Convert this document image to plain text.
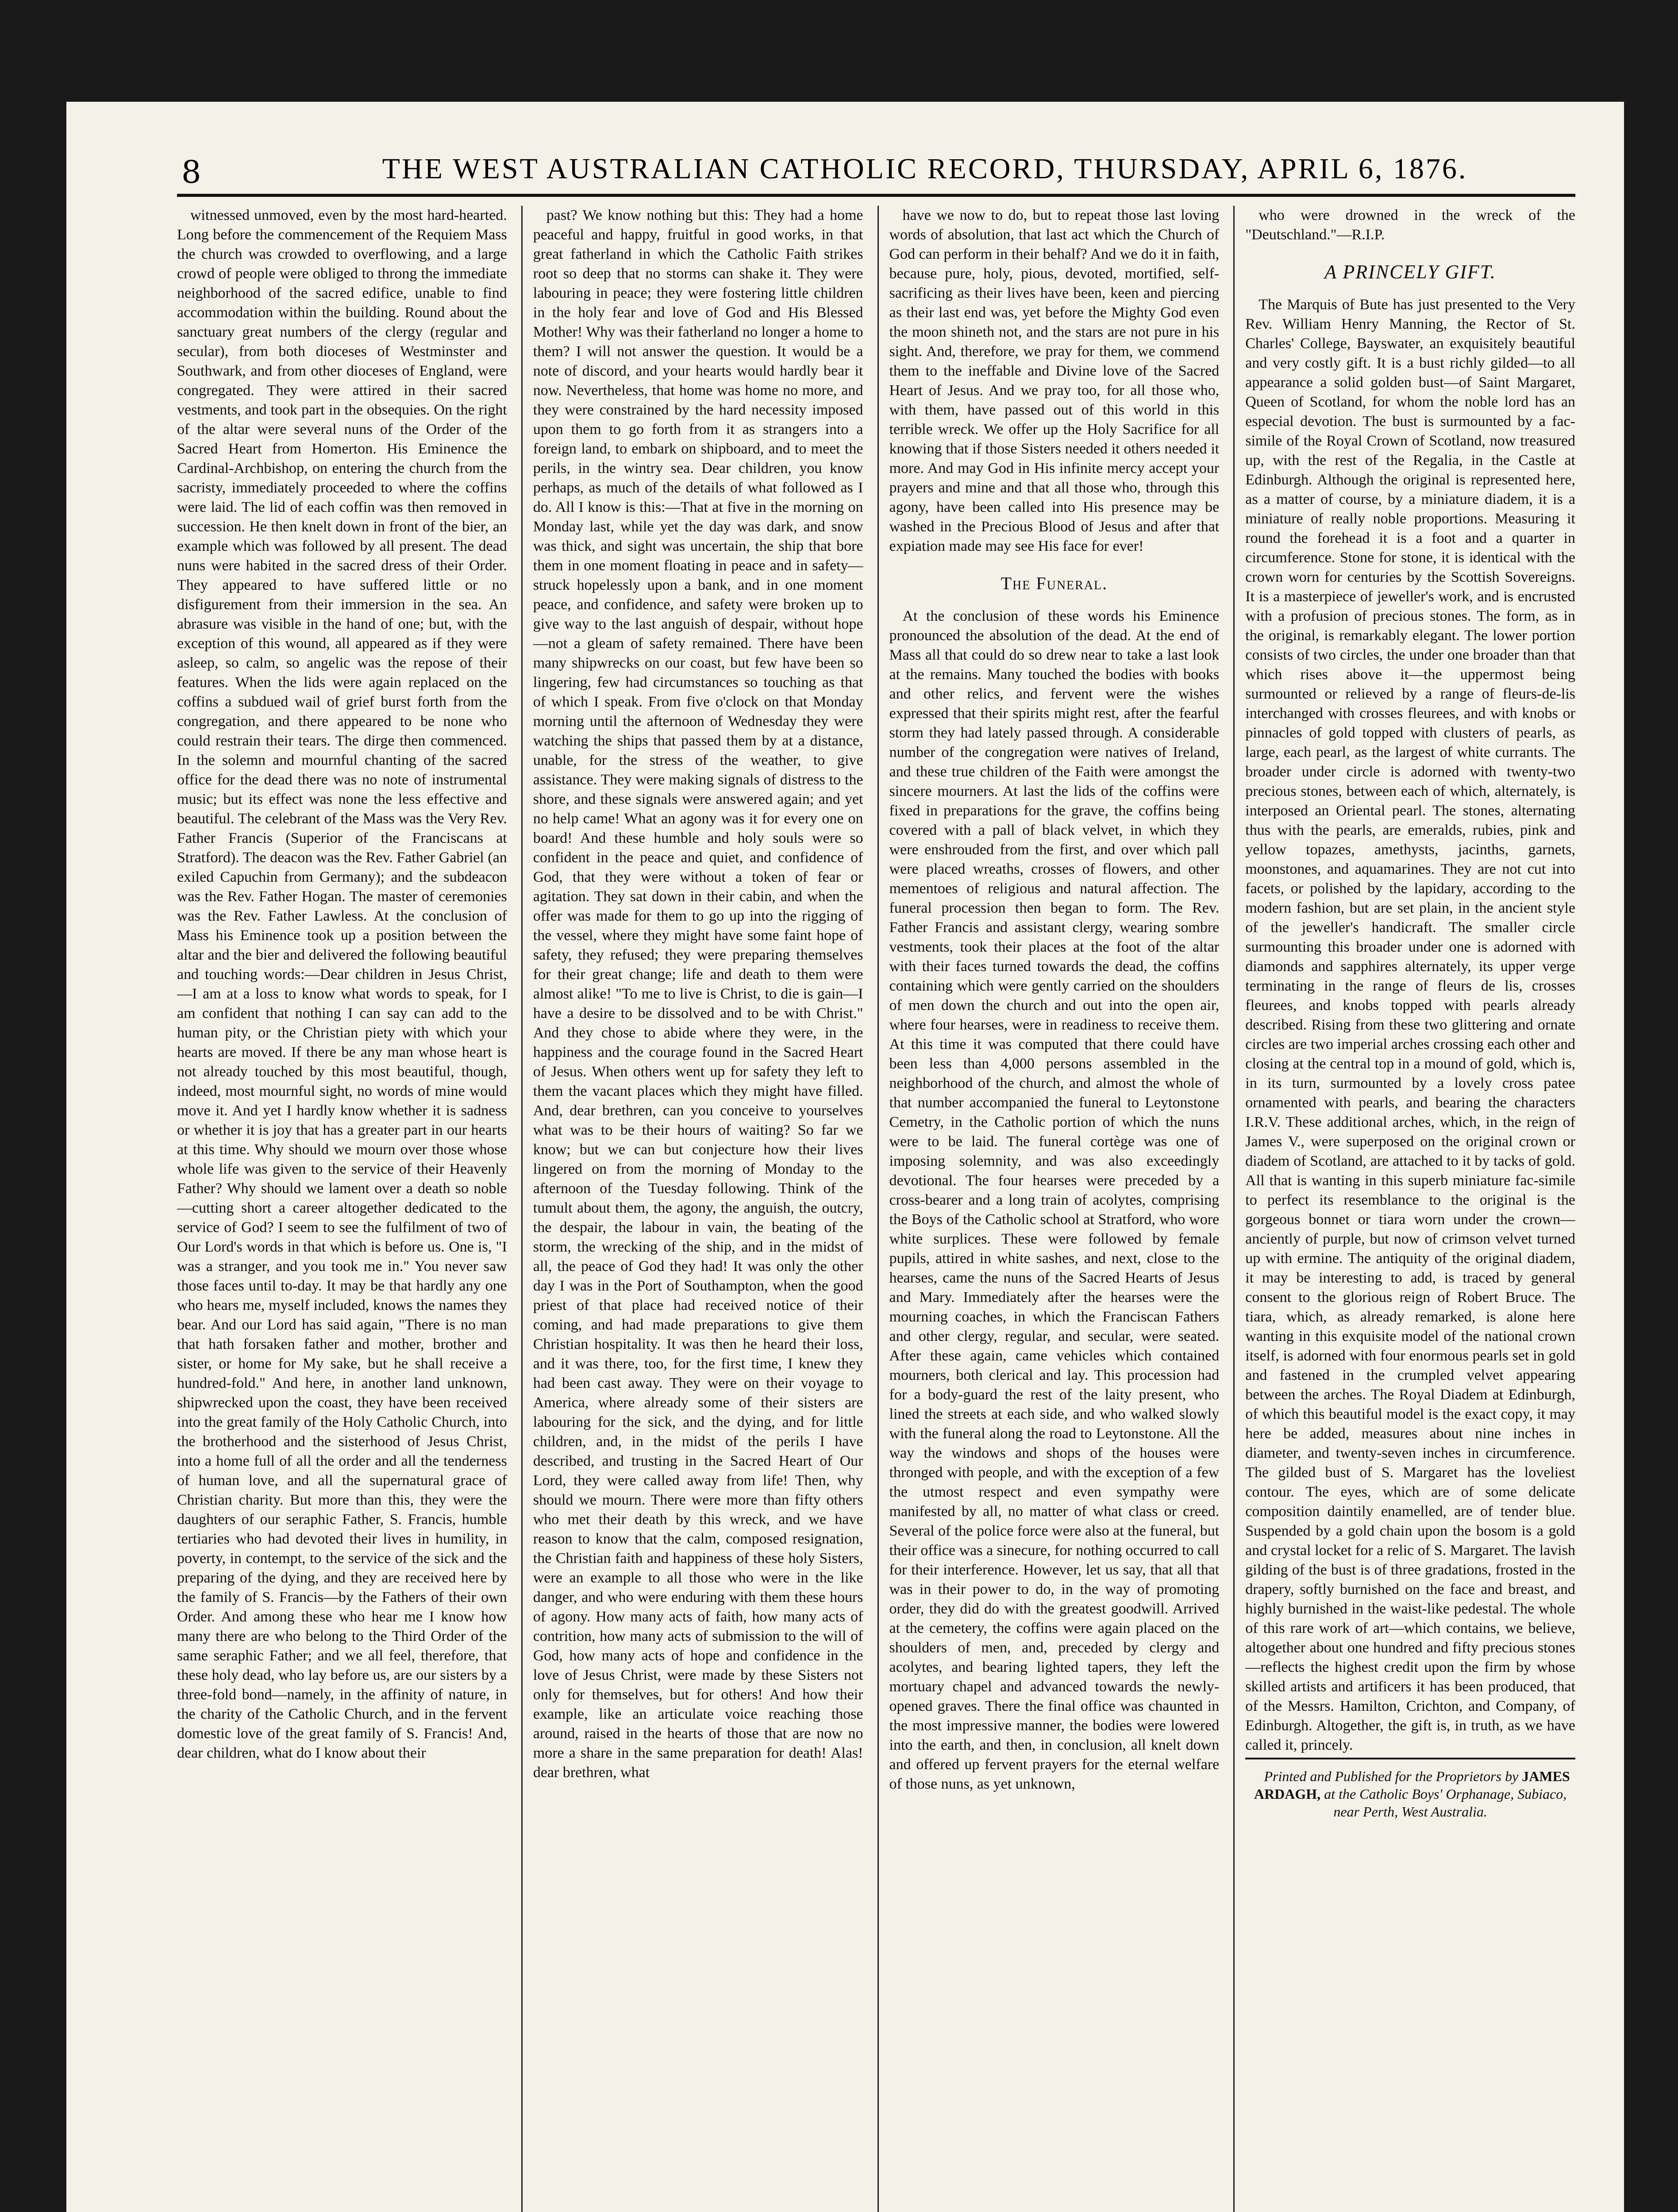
8	THE WEST AUSTRALIAN CATHOLIC RECORD, THURSDAY, APRIL 6, 1876.

witnessed unmoved, even by the most hard-hearted. Long before the commencement of the Requiem Mass the church was crowded to overflowing, and a large crowd of people were obliged to throng the immediate neighborhood of the sacred edifice, unable to find accommodation within the building. Round about the sanctuary great numbers of the clergy (regular and secular), from both dioceses of Westminster and Southwark, and from other dioceses of England, were congregated. They were attired in their sacred vestments, and took part in the obsequies. On the right of the altar were several nuns of the Order of the Sacred Heart from Homerton. His Eminence the Cardinal-Archbishop, on entering the church from the sacristy, immediately proceeded to where the coffins were laid. The lid of each coffin was then removed in succession. He then knelt down in front of the bier, an example which was followed by all present. The dead nuns were habited in the sacred dress of their Order. They appeared to have suffered little or no disfigurement from their immersion in the sea. An abrasure was visible in the hand of one; but, with the exception of this wound, all appeared as if they were asleep, so calm, so angelic was the repose of their features. When the lids were again replaced on the coffins a subdued wail of grief burst forth from the congregation, and there appeared to be none who could restrain their tears. The dirge then commenced. In the solemn and mournful chanting of the sacred office for the dead there was no note of instrumental music; but its effect was none the less effective and beautiful. The celebrant of the Mass was the Very Rev. Father Francis (Superior of the Franciscans at Stratford). The deacon was the Rev. Father Gabriel (an exiled Capuchin from Germany); and the subdeacon was the Rev. Father Hogan. The master of ceremonies was the Rev. Father Lawless. At the conclusion of Mass his Eminence took up a position between the altar and the bier and delivered the following beautiful and touching words:—Dear children in Jesus Christ,—I am at a loss to know what words to speak, for I am confident that nothing I can say can add to the human pity, or the Christian piety with which your hearts are moved. If there be any man whose heart is not already touched by this most beautiful, though, indeed, most mournful sight, no words of mine would move it. And yet I hardly know whether it is sadness or whether it is joy that has a greater part in our hearts at this time. Why should we mourn over those whose whole life was given to the service of their Heavenly Father? Why should we lament over a death so noble—cutting short a career altogether dedicated to the service of God? I seem to see the fulfilment of two of Our Lord's words in that which is before us. One is, "I was a stranger, and you took me in." You never saw those faces until to-day. It may be that hardly any one who hears me, myself included, knows the names they bear. And our Lord has said again, "There is no man that hath forsaken father and mother, brother and sister, or home for My sake, but he shall receive a hundred-fold." And here, in another land unknown, shipwrecked upon the coast, they have been received into the great family of the Holy Catholic Church, into the brotherhood and the sisterhood of Jesus Christ, into a home full of all the order and all the tenderness of human love, and all the supernatural grace of Christian charity. But more than this, they were the daughters of our seraphic Father, S. Francis, humble tertiaries who had devoted their lives in humility, in poverty, in contempt, to the service of the sick and the preparing of the dying, and they are received here by the family of S. Francis—by the Fathers of their own Order. And among these who hear me I know how many there are who belong to the Third Order of the same seraphic Father; and we all feel, therefore, that these holy dead, who lay before us, are our sisters by a three-fold bond—namely, in the affinity of nature, in the charity of the Catholic Church, and in the fervent domestic love of the great family of S. Francis! And, dear children, what do I know about their

past? We know nothing but this: They had a home peaceful and happy, fruitful in good works, in that great fatherland in which the Catholic Faith strikes root so deep that no storms can shake it. They were labouring in peace; they were fostering little children in the holy fear and love of God and His Blessed Mother! Why was their fatherland no longer a home to them? I will not answer the question. It would be a note of discord, and your hearts would hardly bear it now. Nevertheless, that home was home no more, and they were constrained by the hard necessity imposed upon them to go forth from it as strangers into a foreign land, to embark on shipboard, and to meet the perils, in the wintry sea. Dear children, you know perhaps, as much of the details of what followed as I do. All I know is this:—That at five in the morning on Monday last, while yet the day was dark, and snow was thick, and sight was uncertain, the ship that bore them in one moment floating in peace and in safety—struck hopelessly upon a bank, and in one moment peace, and confidence, and safety were broken up to give way to the last anguish of despair, without hope—not a gleam of safety remained. There have been many shipwrecks on our coast, but few have been so lingering, few had circumstances so touching as that of which I speak. From five o'clock on that Monday morning until the afternoon of Wednesday they were watching the ships that passed them by at a distance, unable, for the stress of the weather, to give assistance. They were making signals of distress to the shore, and these signals were answered again; and yet no help came! What an agony was it for every one on board! And these humble and holy souls were so confident in the peace and quiet, and confidence of God, that they were without a token of fear or agitation. They sat down in their cabin, and when the offer was made for them to go up into the rigging of the vessel, where they might have some faint hope of safety, they refused; they were preparing themselves for their great change; life and death to them were almost alike! "To me to live is Christ, to die is gain—I have a desire to be dissolved and to be with Christ." And they chose to abide where they were, in the happiness and the courage found in the Sacred Heart of Jesus. When others went up for safety they left to them the vacant places which they might have filled. And, dear brethren, can you conceive to yourselves what was to be their hours of waiting? So far we know; but we can but conjecture how their lives lingered on from the morning of Monday to the afternoon of the Tuesday following. Think of the tumult about them, the agony, the anguish, the outcry, the despair, the labour in vain, the beating of the storm, the wrecking of the ship, and in the midst of all, the peace of God they had! It was only the other day I was in the Port of Southampton, when the good priest of that place had received notice of their coming, and had made preparations to give them Christian hospitality. It was then he heard their loss, and it was there, too, for the first time, I knew they had been cast away. They were on their voyage to America, where already some of their sisters are labouring for the sick, and the dying, and for little children, and, in the midst of the perils I have described, and trusting in the Sacred Heart of Our Lord, they were called away from life! Then, why should we mourn. There were more than fifty others who met their death by this wreck, and we have reason to know that the calm, composed resignation, the Christian faith and happiness of these holy Sisters, were an example to all those who were in the like danger, and who were enduring with them these hours of agony. How many acts of faith, how many acts of contrition, how many acts of submission to the will of God, how many acts of hope and confidence in the love of Jesus Christ, were made by these Sisters not only for themselves, but for others! And how their example, like an articulate voice reaching those around, raised in the hearts of those that are now no more a share in the same preparation for death! Alas! dear brethren, what

have we now to do, but to repeat those last loving words of absolution, that last act which the Church of God can perform in their behalf? And we do it in faith, because pure, holy, pious, devoted, mortified, self-sacrificing as their lives have been, keen and piercing as their last end was, yet before the Mighty God even the moon shineth not, and the stars are not pure in his sight. And, therefore, we pray for them, we commend them to the ineffable and Divine love of the Sacred Heart of Jesus. And we pray too, for all those who, with them, have passed out of this world in this terrible wreck. We offer up the Holy Sacrifice for all knowing that if those Sisters needed it others needed it more. And may God in His infinite mercy accept your prayers and mine and that all those who, through this agony, have been called into His presence may be washed in the Precious Blood of Jesus and after that expiation made may see His face for ever!

The Funeral.

At the conclusion of these words his Eminence pronounced the absolution of the dead. At the end of Mass all that could do so drew near to take a last look at the remains. Many touched the bodies with books and other relics, and fervent were the wishes expressed that their spirits might rest, after the fearful storm they had lately passed through. A considerable number of the congregation were natives of Ireland, and these true children of the Faith were amongst the sincere mourners. At last the lids of the coffins were fixed in preparations for the grave, the coffins being covered with a pall of black velvet, in which they were enshrouded from the first, and over which pall were placed wreaths, crosses of flowers, and other mementoes of religious and natural affection. The funeral procession then began to form. The Rev. Father Francis and assistant clergy, wearing sombre vestments, took their places at the foot of the altar with their faces turned towards the dead, the coffins containing which were gently carried on the shoulders of men down the church and out into the open air, where four hearses, were in readiness to receive them. At this time it was computed that there could have been less than 4,000 persons assembled in the neighborhood of the church, and almost the whole of that number accompanied the funeral to Leytonstone Cemetry, in the Catholic portion of which the nuns were to be laid. The funeral cortège was one of imposing solemnity, and was also exceedingly devotional. The four hearses were preceded by a cross-bearer and a long train of acolytes, comprising the Boys of the Catholic school at Stratford, who wore white surplices. These were followed by female pupils, attired in white sashes, and next, close to the hearses, came the nuns of the Sacred Hearts of Jesus and Mary. Immediately after the hearses were the mourning coaches, in which the Franciscan Fathers and other clergy, regular, and secular, were seated. After these again, came vehicles which contained mourners, both clerical and lay. This procession had for a body-guard the rest of the laity present, who lined the streets at each side, and who walked slowly with the funeral along the road to Leytonstone. All the way the windows and shops of the houses were thronged with people, and with the exception of a few the utmost respect and even sympathy were manifested by all, no matter of what class or creed. Several of the police force were also at the funeral, but their office was a sinecure, for nothing occurred to call for their interference. However, let us say, that all that was in their power to do, in the way of promoting order, they did do with the greatest goodwill. Arrived at the cemetery, the coffins were again placed on the shoulders of men, and, preceded by clergy and acolytes, and bearing lighted tapers, they left the mortuary chapel and advanced towards the newly-opened graves. There the final office was chaunted in the most impressive manner, the bodies were lowered into the earth, and then, in conclusion, all knelt down and offered up fervent prayers for the eternal welfare of those nuns, as yet unknown,

who were drowned in the wreck of the "Deutschland."—R.I.P.

A PRINCELY GIFT.

The Marquis of Bute has just presented to the Very Rev. William Henry Manning, the Rector of St. Charles' College, Bayswater, an exquisitely beautiful and very costly gift. It is a bust richly gilded—to all appearance a solid golden bust—of Saint Margaret, Queen of Scotland, for whom the noble lord has an especial devotion. The bust is surmounted by a fac-simile of the Royal Crown of Scotland, now treasured up, with the rest of the Regalia, in the Castle at Edinburgh. Although the original is represented here, as a matter of course, by a miniature diadem, it is a miniature of really noble proportions. Measuring it round the forehead it is a foot and a quarter in circumference. Stone for stone, it is identical with the crown worn for centuries by the Scottish Sovereigns. It is a masterpiece of jeweller's work, and is encrusted with a profusion of precious stones. The form, as in the original, is remarkably elegant. The lower portion consists of two circles, the under one broader than that which rises above it—the uppermost being surmounted or relieved by a range of fleurs-de-lis interchanged with crosses fleurees, and with knobs or pinnacles of gold topped with clusters of pearls, as large, each pearl, as the largest of white currants. The broader under circle is adorned with twenty-two precious stones, between each of which, alternately, is interposed an Oriental pearl. The stones, alternating thus with the pearls, are emeralds, rubies, pink and yellow topazes, amethysts, jacinths, garnets, moonstones, and aquamarines. They are not cut into facets, or polished by the lapidary, according to the modern fashion, but are set plain, in the ancient style of the jeweller's handicraft. The smaller circle surmounting this broader under one is adorned with diamonds and sapphires alternately, its upper verge terminating in the range of fleurs de lis, crosses fleurees, and knobs topped with pearls already described. Rising from these two glittering and ornate circles are two imperial arches crossing each other and closing at the central top in a mound of gold, which is, in its turn, surmounted by a lovely cross patee ornamented with pearls, and bearing the characters I.R.V. These additional arches, which, in the reign of James V., were superposed on the original crown or diadem of Scotland, are attached to it by tacks of gold. All that is wanting in this superb miniature fac-simile to perfect its resemblance to the original is the gorgeous bonnet or tiara worn under the crown—anciently of purple, but now of crimson velvet turned up with ermine. The antiquity of the original diadem, it may be interesting to add, is traced by general consent to the glorious reign of Robert Bruce. The tiara, which, as already remarked, is alone here wanting in this exquisite model of the national crown itself, is adorned with four enormous pearls set in gold and fastened in the crumpled velvet appearing between the arches. The Royal Diadem at Edinburgh, of which this beautiful model is the exact copy, it may here be added, measures about nine inches in diameter, and twenty-seven inches in circumference. The gilded bust of S. Margaret has the loveliest contour. The eyes, which are of some delicate composition daintily enamelled, are of tender blue. Suspended by a gold chain upon the bosom is a gold and crystal locket for a relic of S. Margaret. The lavish gilding of the bust is of three gradations, frosted in the drapery, softly burnished on the face and breast, and highly burnished in the waist-like pedestal. The whole of this rare work of art—which contains, we believe, altogether about one hundred and fifty precious stones—reflects the highest credit upon the firm by whose skilled artists and artificers it has been produced, that of the Messrs. Hamilton, Crichton, and Company, of Edinburgh. Altogether, the gift is, in truth, as we have called it, princely.

Printed and Published for the Proprietors by JAMES ARDAGH, at the Catholic Boys' Orphanage, Subiaco, near Perth, West Australia.
